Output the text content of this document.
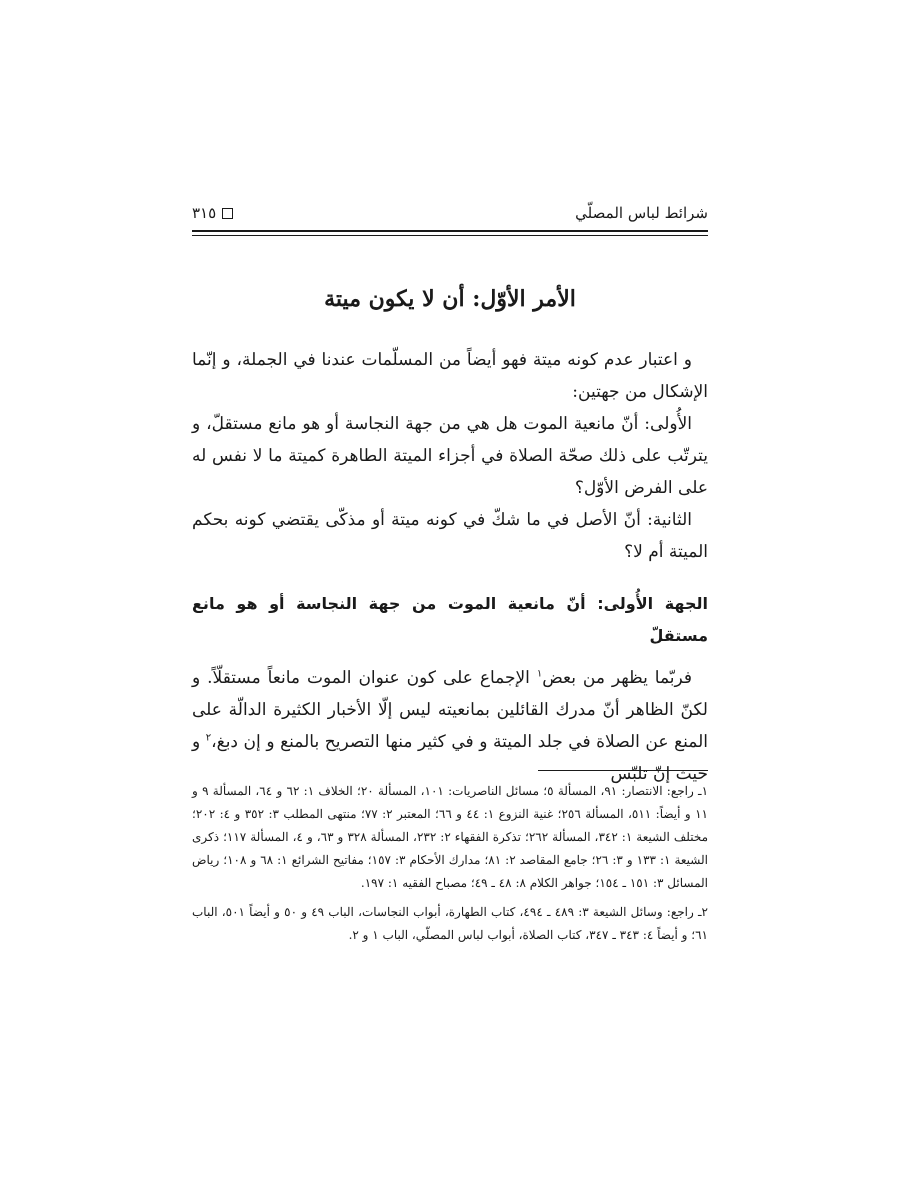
شرائط لباس المصلّي
٣١٥
الأمر الأوّل: أن لا يكون ميتة

و اعتبار عدم كونه ميتة فهو أيضاً من المسلّمات عندنا في الجملة، و إنّما الإشكال من جهتين:

الأُولى: أنّ مانعية الموت هل هي من جهة النجاسة أو هو مانع مستقلّ، و يترتّب على ذلك صحّة الصلاة في أجزاء الميتة الطاهرة كميتة ما لا نفس له على الفرض الأوّل؟

الثانية: أنّ الأصل في ما شكّ في كونه ميتة أو مذكّى يقتضي كونه بحكم الميتة أم لا؟

الجهة الأُولى: أنّ مانعية الموت من جهة النجاسة أو هو مانع مستقلّ

فربّما يظهر من بعض$^١$ الإجماع على كون عنوان الموت مانعاً مستقلّاً. و لكنّ الظاهر أنّ مدرك القائلين بمانعيته ليس إلّا الأخبار الكثيرة الدالّة على المنع عن الصلاة في جلد الميتة و في كثير منها التصريح بالمنع و إن دبغ،$^٢$ و حيث إنّ تلبّس

١ـ راجع: الانتصار: ٩١، المسألة ٥؛ مسائل الناصريات: ١٠١، المسألة ٢٠؛ الخلاف ١: ٦٢ و ٦٤، المسألة ٩ و ١١ و أيضاً: ٥١١، المسألة ٢٥٦؛ غنية النزوع ١: ٤٤ و ٦٦؛ المعتبر ٢: ٧٧؛ منتهى المطلب ٣: ٣٥٢ و ٤: ٢٠٢؛ مختلف الشيعة ١: ٣٤٢، المسألة ٢٦٢؛ تذكرة الفقهاء ٢: ٢٣٢، المسألة ٣٢٨ و ٦٣، و ٤، المسألة ١١٧؛ ذكرى الشيعة ١: ١٣٣ و ٣: ٢٦؛ جامع المقاصد ٢: ٨١؛ مدارك الأحكام ٣: ١٥٧؛ مفاتيح الشرائع ١: ٦٨ و ١٠٨؛ رياض المسائل ٣: ١٥١ ـ ١٥٤؛ جواهر الكلام ٨: ٤٨ ـ ٤٩؛ مصباح الفقيه ١: ١٩٧.

٢ـ راجع: وسائل الشيعة ٣: ٤٨٩ ـ ٤٩٤، كتاب الطهارة، أبواب النجاسات، الباب ٤٩ و ٥٠ و أيضاً ٥٠١، الباب ٦١؛ و أيضاً ٤: ٣٤٣ ـ ٣٤٧، كتاب الصلاة، أبواب لباس المصلّي، الباب ١ و ٢.
